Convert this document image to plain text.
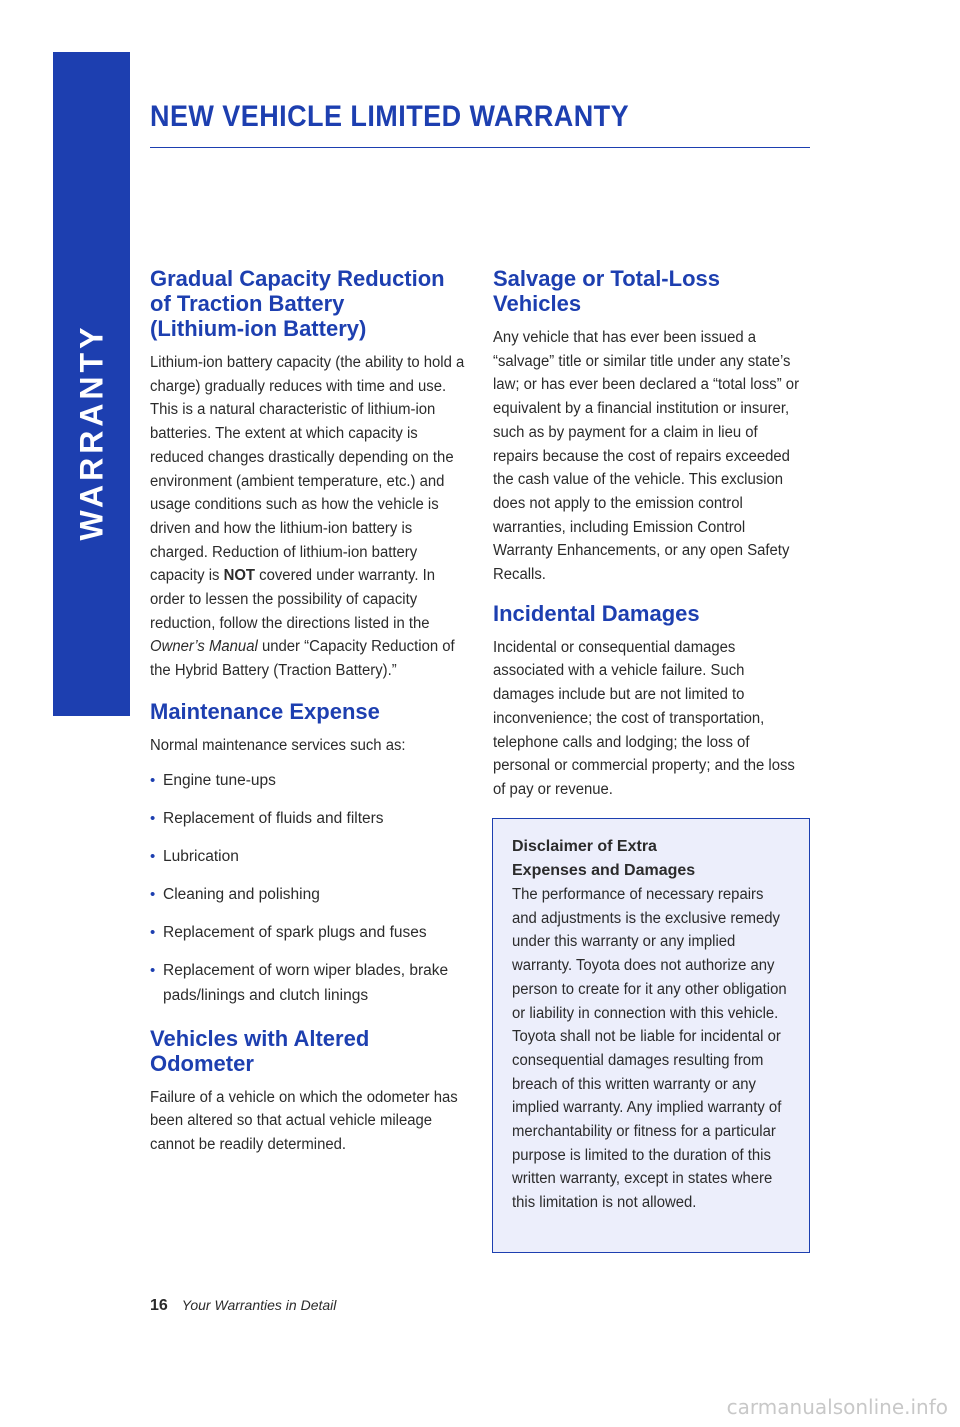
WARRANTY
NEW VEHICLE LIMITED WARRANTY
Gradual Capacity Reduction
of Traction Battery
(Lithium-ion Battery)

Lithium-ion battery capacity (the ability to hold a charge) gradually reduces with time and use. This is a natural characteristic of lithium-ion batteries. The extent at which capacity is reduced changes drastically depending on the environment (ambient temperature, etc.) and usage conditions such as how the vehicle is driven and how the lithium-ion battery is charged. Reduction of lithium-ion battery capacity is NOT covered under warranty. In order to lessen the possibility of capacity reduction, follow the directions listed in the Owner’s Manual under “Capacity Reduction of the Hybrid Battery (Traction Battery).”

Maintenance Expense

Normal maintenance services such as:

• Engine tune-ups
• Replacement of fluids and filters
• Lubrication
• Cleaning and polishing
• Replacement of spark plugs and fuses
• Replacement of worn wiper blades, brake pads/linings and clutch linings
Vehicles with Altered Odometer

Failure of a vehicle on which the odometer has been altered so that actual vehicle mileage cannot be readily determined.

Salvage or Total-Loss Vehicles

Any vehicle that has ever been issued a “salvage” title or similar title under any state’s law; or has ever been declared a “total loss” or equivalent by a financial institution or insurer, such as by payment for a claim in lieu of repairs because the cost of repairs exceeded the cash value of the vehicle. This exclusion does not apply to the emission control warranties, including Emission Control Warranty Enhancements, or any open Safety Recalls.

Incidental Damages

Incidental or consequential damages associated with a vehicle failure. Such damages include but are not limited to inconvenience; the cost of transportation, telephone calls and lodging; the loss of personal or commercial property; and the loss of pay or revenue.

Disclaimer of Extra
Expenses and Damages

The performance of necessary repairs and adjustments is the exclusive remedy under this warranty or any implied warranty. Toyota does not authorize any person to create for it any other obligation or liability in connection with this vehicle. Toyota shall not be liable for incidental or consequential damages resulting from breach of this written warranty or any implied warranty. Any implied warranty of merchantability or fitness for a particular purpose is limited to the duration of this written warranty, except in states where this limitation is not allowed.

16 Your Warranties in Detail
carmanualsonline.info
